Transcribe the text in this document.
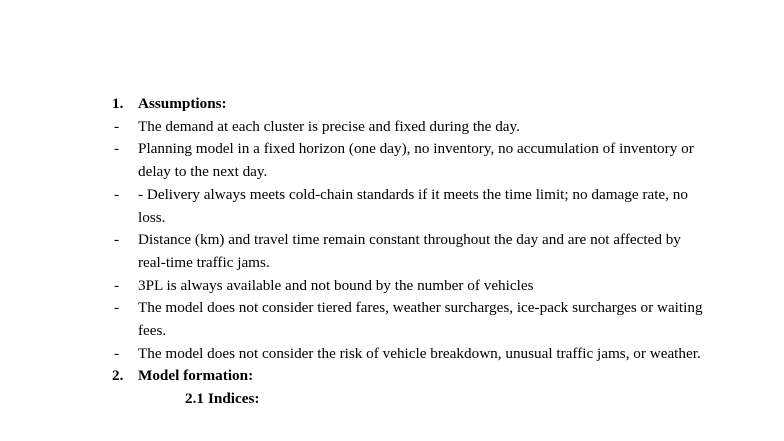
1. Assumptions:
-	The demand at each cluster is precise and fixed during the day.
-	Planning model in a fixed horizon (one day), no inventory, no accumulation of inventory or delay to the next day.
-	- Delivery always meets cold-chain standards if it meets the time limit; no damage rate, no loss.
-	Distance (km) and travel time remain constant throughout the day and are not affected by real-time traffic jams.
-	3PL is always available and not bound by the number of vehicles
-	The model does not consider tiered fares, weather surcharges, ice-pack surcharges or waiting fees.
-	The model does not consider the risk of vehicle breakdown, unusual traffic jams, or weather.
2. Model formation:
2.1 Indices:
